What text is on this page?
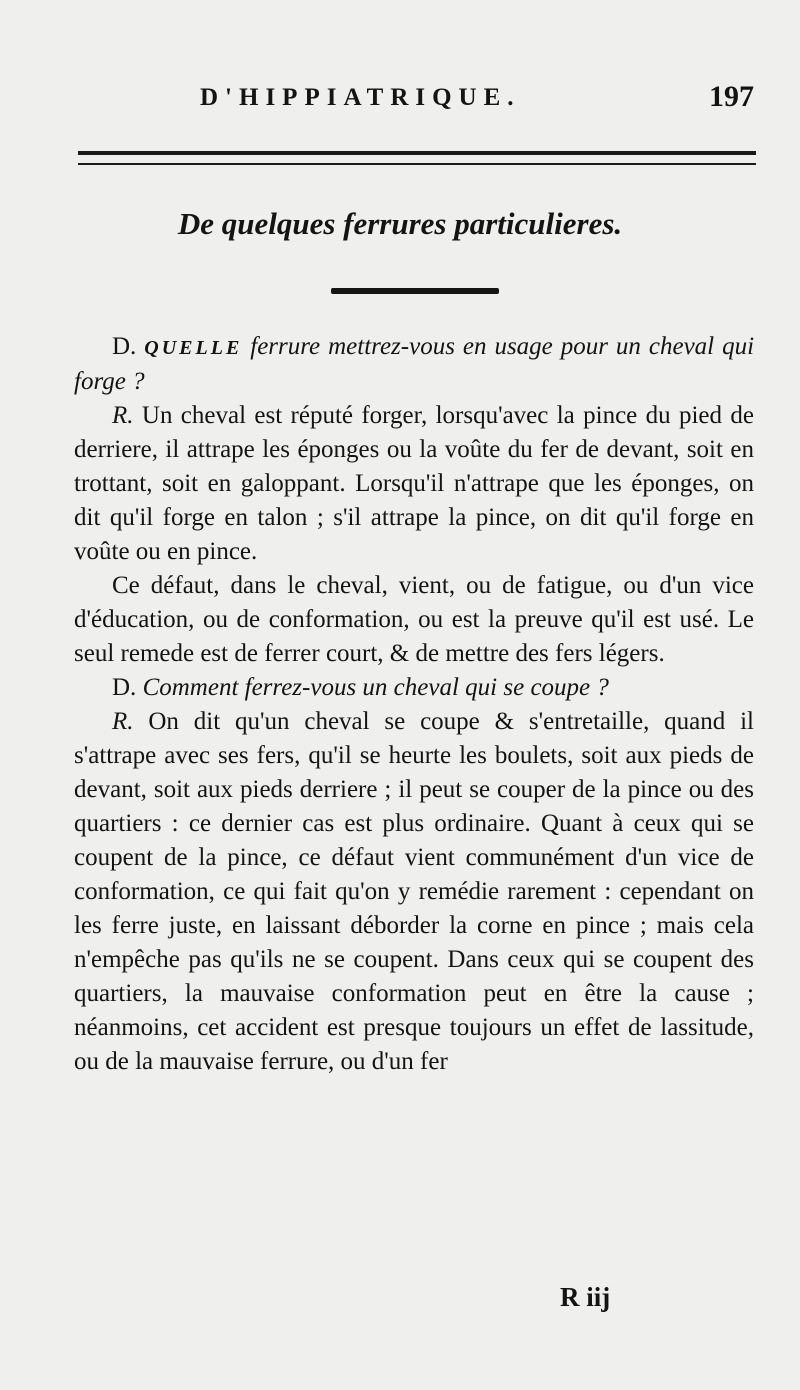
D'HIPPIATRIQUE.	197
De quelques ferrures particulieres.

D. QUELLE ferrure mettrez-vous en usage pour un cheval qui forge ?

R. Un cheval est réputé forger, lorsqu'avec la pince du pied de derriere, il attrape les éponges ou la voûte du fer de devant, soit en trottant, soit en galoppant. Lorsqu'il n'attrape que les éponges, on dit qu'il forge en talon ; s'il attrape la pince, on dit qu'il forge en voûte ou en pince.

Ce défaut, dans le cheval, vient, ou de fatigue, ou d'un vice d'éducation, ou de conformation, ou est la preuve qu'il est usé. Le seul remede est de ferrer court, & de mettre des fers légers.

D. Comment ferrez-vous un cheval qui se coupe ?

R. On dit qu'un cheval se coupe & s'entretaille, quand il s'attrape avec ses fers, qu'il se heurte les boulets, soit aux pieds de devant, soit aux pieds derriere ; il peut se couper de la pince ou des quartiers : ce dernier cas est plus ordinaire. Quant à ceux qui se coupent de la pince, ce défaut vient communément d'un vice de conformation, ce qui fait qu'on y remédie rarement : cependant on les ferre juste, en laissant déborder la corne en pince ; mais cela n'empêche pas qu'ils ne se coupent. Dans ceux qui se coupent des quartiers, la mauvaise conformation peut en être la cause ; néanmoins, cet accident est presque toujours un effet de lassitude, ou de la mauvaise ferrure, ou d'un fer

R iij
